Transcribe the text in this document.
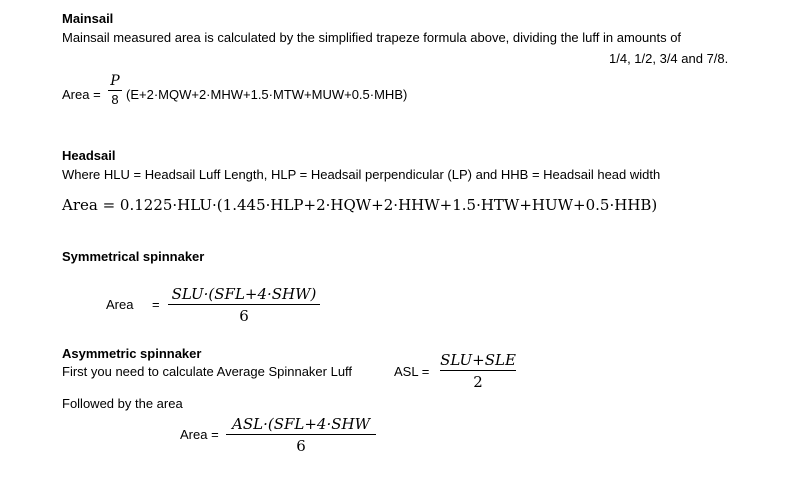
Mainsail
Mainsail measured area is calculated by the simplified trapeze formula above, dividing the luff in amounts of
1/4, 1/2, 3/4 and 7/8.
Area =
P
8 (E+2·MQW+2·MHW+1.5·MTW+MUW+0.5·MHB)
Headsail
Where HLU = Headsail Luff Length, HLP = Headsail perpendicular (LP) and HHB = Headsail head width
Area = 0.1225·HLU·(1.445·HLP+2·HQW+2·HHW+1.5·HTW+HUW+0.5·HHB)
Symmetrical spinnaker
Area =
SLU·(SFL+4·SHW)
6
Asymmetric spinnaker
First you need to calculate Average Spinnaker Luff	ASL =
SLU+SLE
2
Followed by the area
Area =
ASL·(SFL+4·SHW
6
